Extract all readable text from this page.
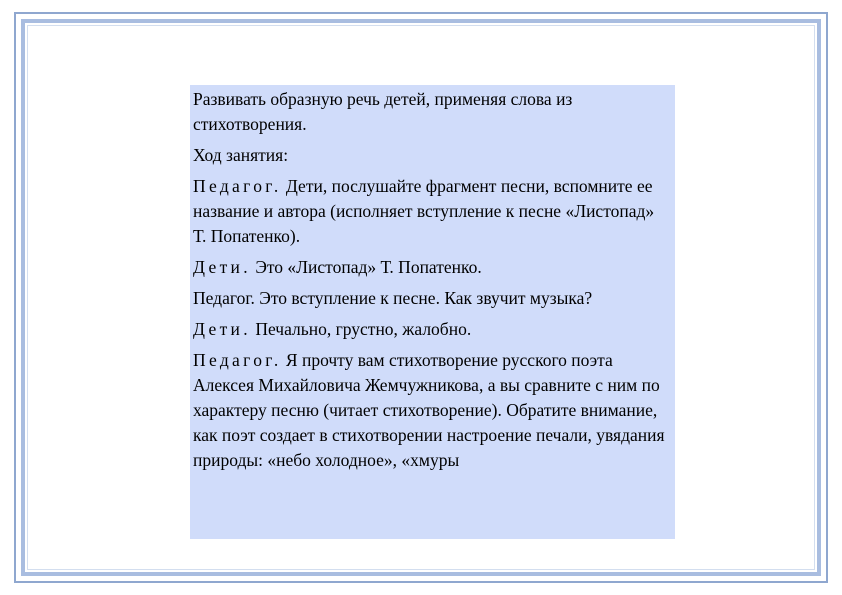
Развивать образную речь детей, применяя слова из стихотворения.

Ход занятия:

Педагог. Дети, послушайте фрагмент песни, вспомните ее название и автора (исполняет вступление к песне «Листопад» Т. Попатенко).

Дети. Это «Листопад» Т. Попатенко.

Педагог. Это вступление к песне. Как звучит музыка?

Дети. Печально, грустно, жалобно.

Педагог. Я прочту вам стихотворение русского поэта Алексея Михайловича Жемчужникова, а вы сравните с ним по характеру песню (читает стихотворение). Обратите внимание, как поэт создает в стихотворении настроение печали, увядания природы: «небо холодное», «хмуры
